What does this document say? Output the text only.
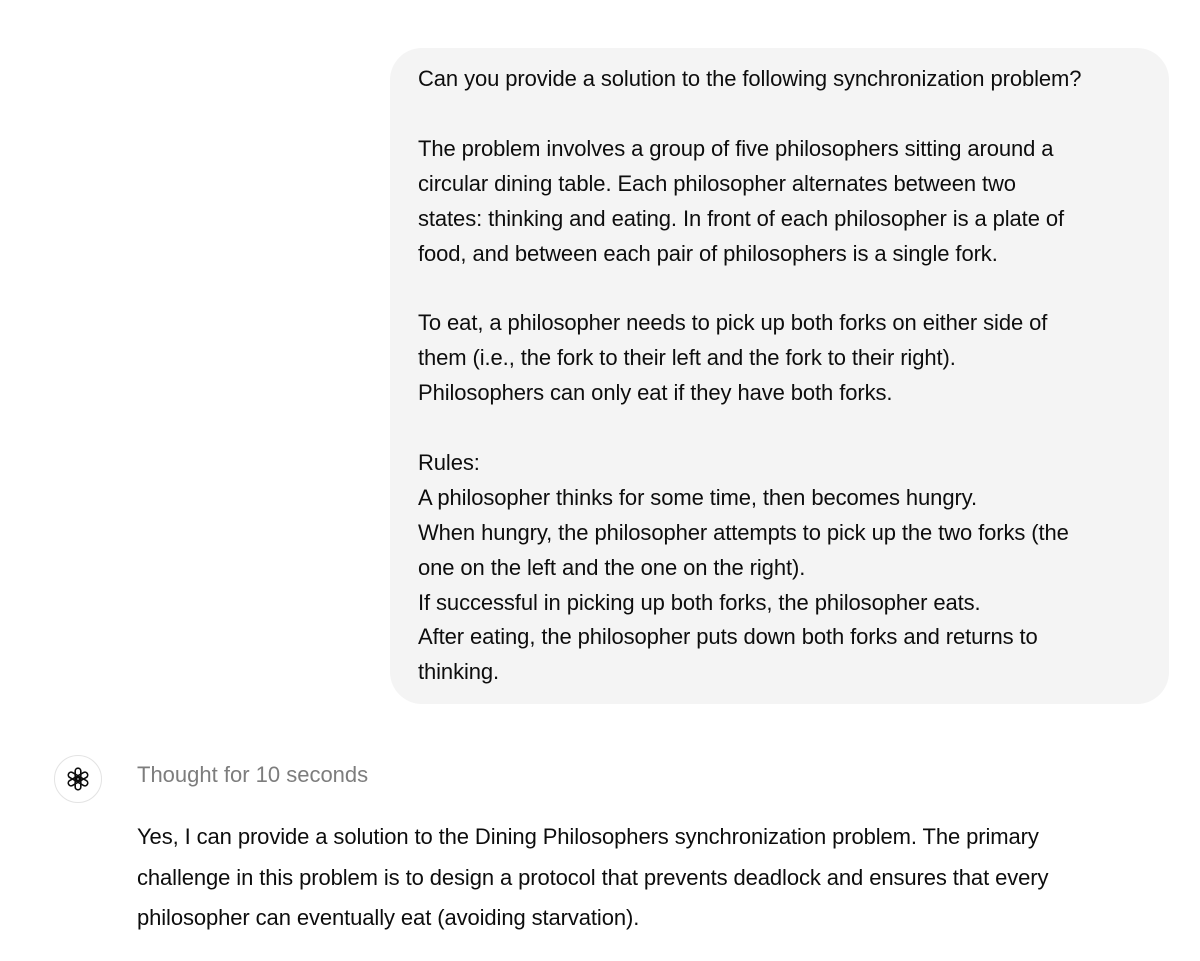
Can you provide a solution to the following synchronization problem?

The problem involves a group of five philosophers sitting around a
circular dining table. Each philosopher alternates between two
states: thinking and eating. In front of each philosopher is a plate of
food, and between each pair of philosophers is a single fork.

To eat, a philosopher needs to pick up both forks on either side of
them (i.e., the fork to their left and the fork to their right).
Philosophers can only eat if they have both forks.

Rules:
A philosopher thinks for some time, then becomes hungry.
When hungry, the philosopher attempts to pick up the two forks (the
one on the left and the one on the right).
If successful in picking up both forks, the philosopher eats.
After eating, the philosopher puts down both forks and returns to
thinking.

Thought for 10 seconds
Yes, I can provide a solution to the Dining Philosophers synchronization problem. The primary
challenge in this problem is to design a protocol that prevents deadlock and ensures that every
philosopher can eventually eat (avoiding starvation).
